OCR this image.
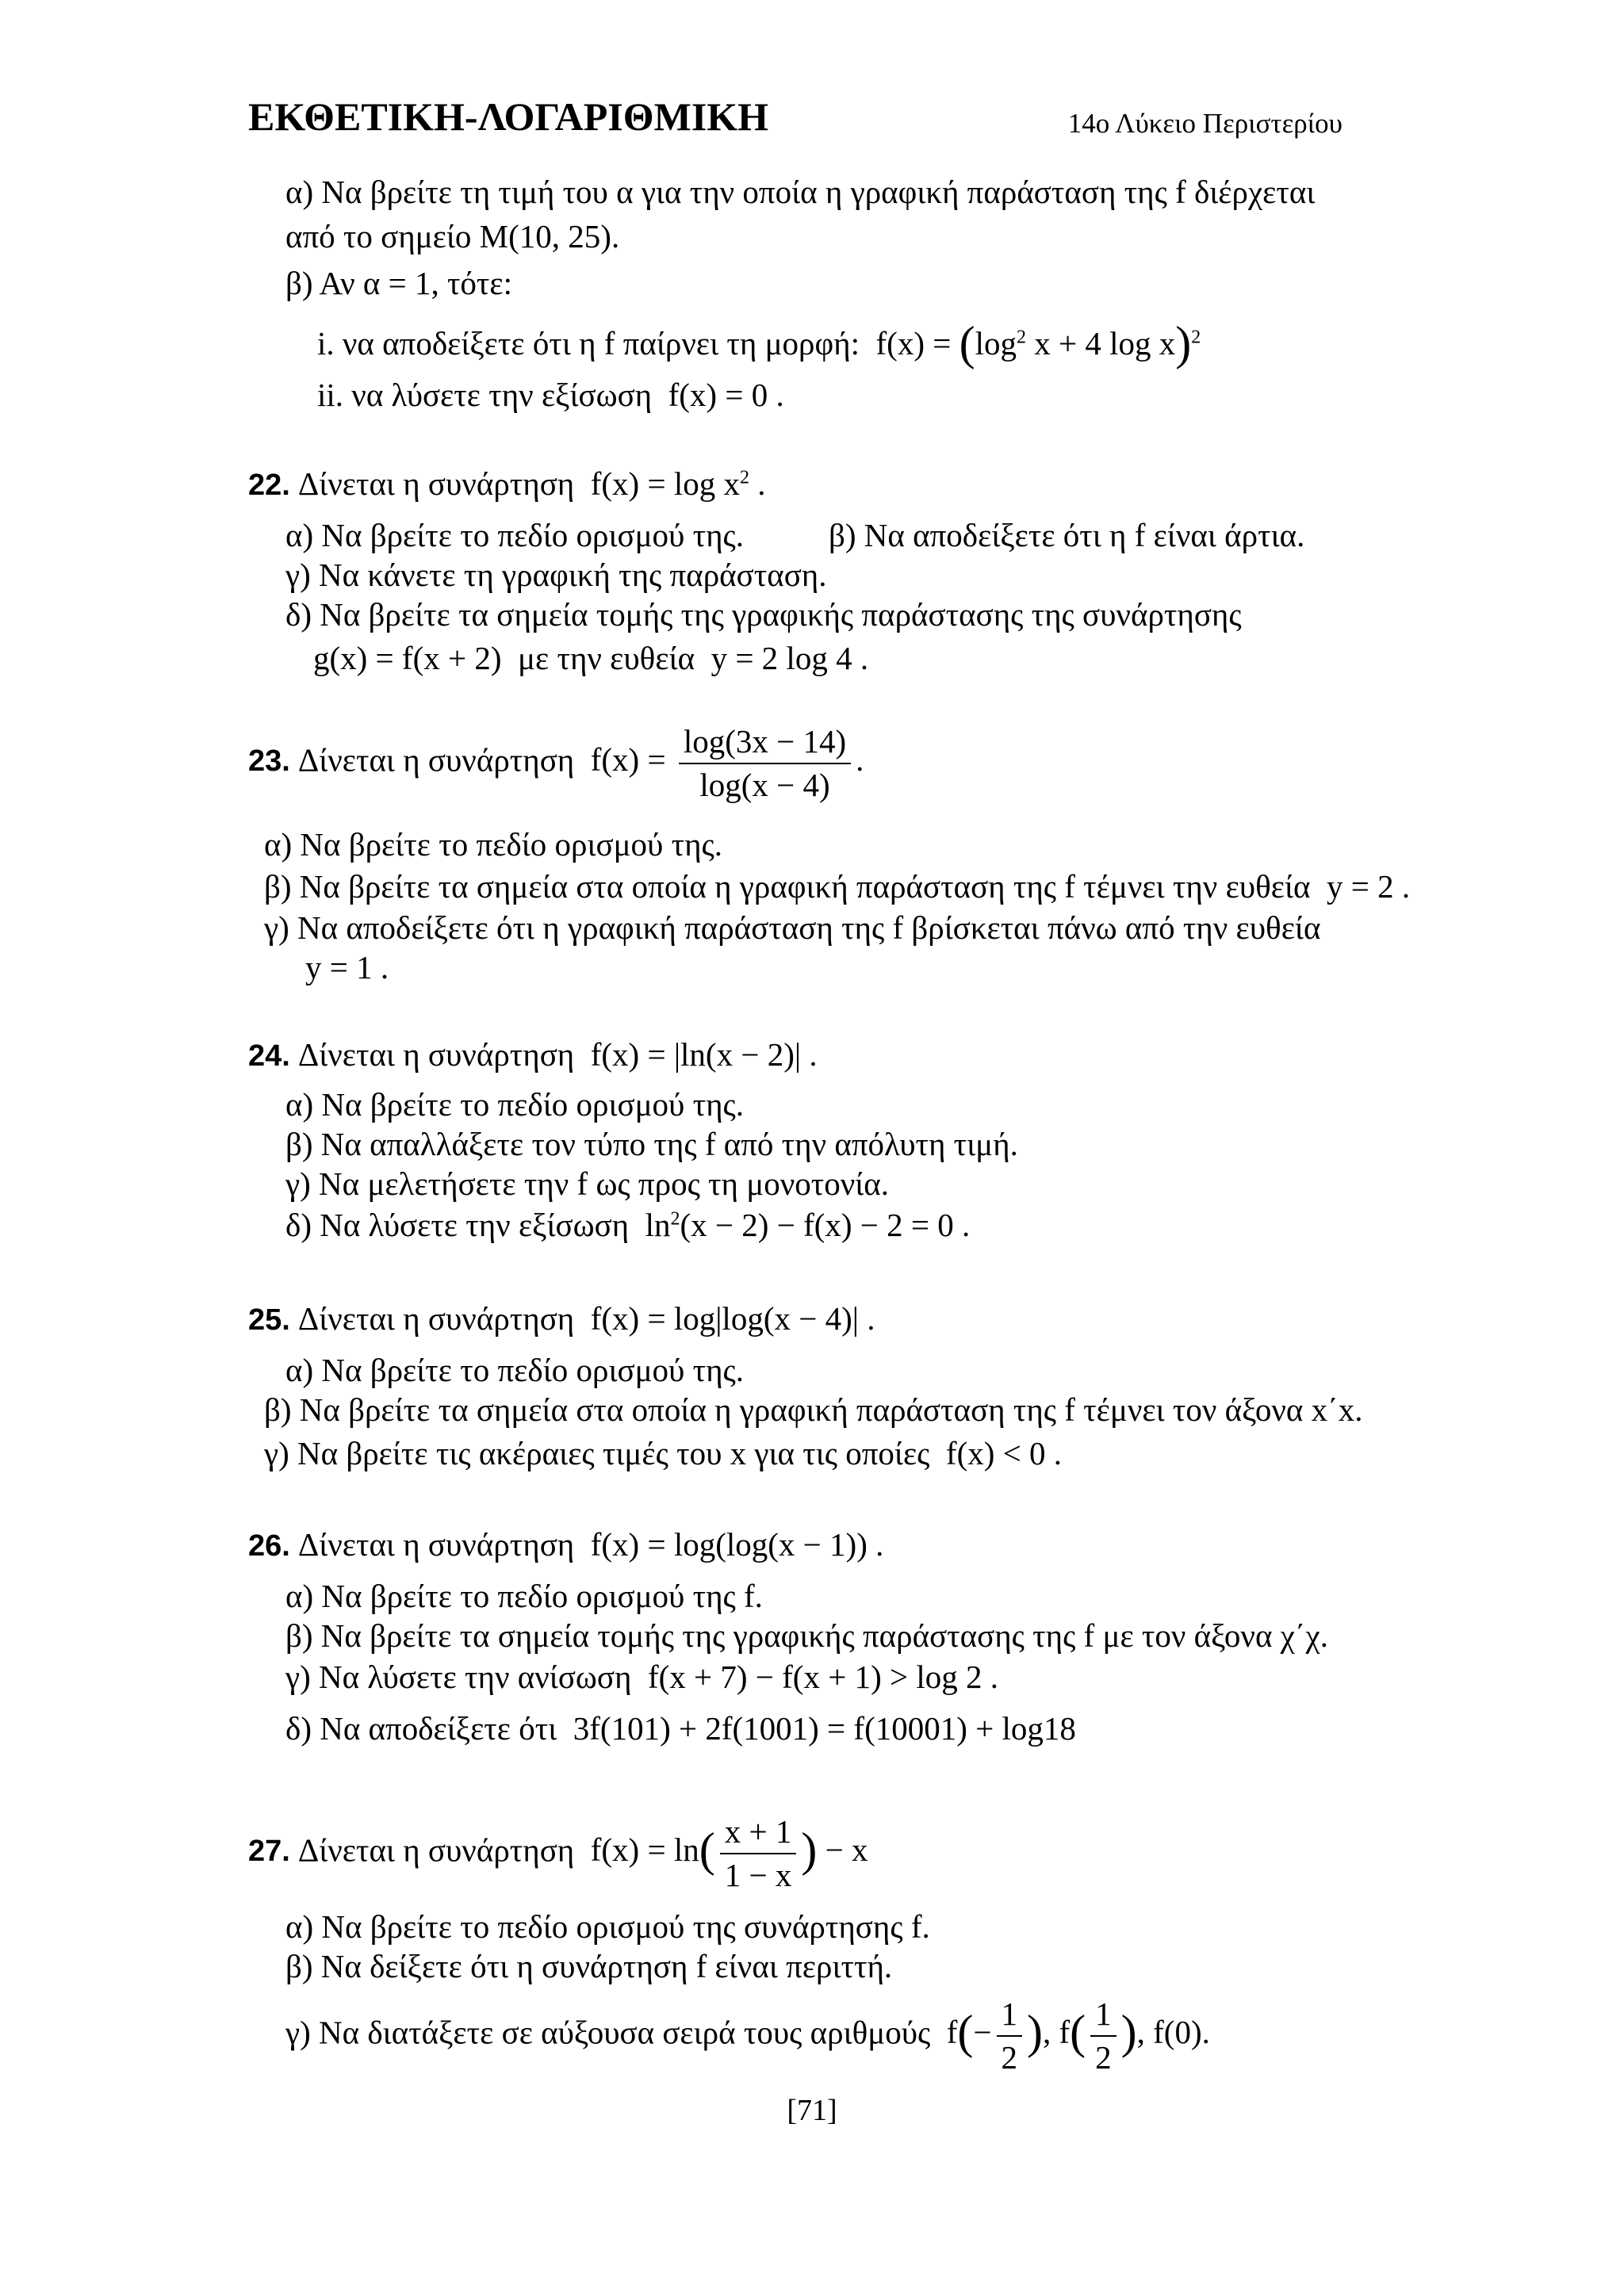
ΕΚΘΕΤΙΚΗ-ΛΟΓΑΡΙΘΜΙΚΗ	14ο Λύκειο Περιστερίου
α) Να βρείτε τη τιμή του α για την οποία η γραφική παράσταση της f διέρχεται
από το σημείο M(10, 25).
β) Αν α = 1, τότε:
i. να αποδείξετε ότι η f παίρνει τη μορφή: $f(x) = (\log^2$ x + 4 log x)$^2$
ii. να λύσετε την εξίσωση f(x) = 0 .
22. Δίνεται η συνάρτηση $f(x) = \log x^2$ .
α) Να βρείτε το πεδίο ορισμού της.	β) Να αποδείξετε ότι η f είναι άρτια.
γ) Να κάνετε τη γραφική της παράσταση.
δ) Να βρείτε τα σημεία τομής της γραφικής παράστασης της συνάρτησης
g(x) = f(x + 2) με την ευθεία y = 2 log 4 .
23. Δίνεται η συνάρτηση $f(x) = \frac{\log(3x - 14)}{\log(x - 4)}$ .
α) Να βρείτε το πεδίο ορισμού της.
β) Να βρείτε τα σημεία στα οποία η γραφική παράσταση της f τέμνει την ευθεία y = 2 .
γ) Να αποδείξετε ότι η γραφική παράσταση της f βρίσκεται πάνω από την ευθεία
y = 1 .
24. Δίνεται η συνάρτηση f(x) = |ln(x − 2)| .
α) Να βρείτε το πεδίο ορισμού της.
β) Να απαλλάξετε τον τύπο της f από την απόλυτη τιμή.
γ) Να μελετήσετε την f ως προς τη μονοτονία.
δ) Να λύσετε την εξίσωση $\ln^2(x - 2) - f(x) - 2 = 0$ .
25. Δίνεται η συνάρτηση f(x) = log|log(x − 4)| .
α) Να βρείτε το πεδίο ορισμού της.
β) Να βρείτε τα σημεία στα οποία η γραφική παράσταση της f τέμνει τον άξονα x΄x.
γ) Να βρείτε τις ακέραιες τιμές του x για τις οποίες f(x) < 0 .
26. Δίνεται η συνάρτηση f(x) = log(log(x − 1)) .
α) Να βρείτε το πεδίο ορισμού της f.
β) Να βρείτε τα σημεία τομής της γραφικής παράστασης της f με τον άξονα χ΄χ.
γ) Να λύσετε την ανίσωση f(x + 7) − f(x + 1) > log 2 .
δ) Να αποδείξετε ότι 3f(101) + 2f(1001) = f(10001) + log18
27. Δίνεται η συνάρτηση $f(x) = \ln( \frac{x + 1}{1 - x}$ ) − x
α) Να βρείτε το πεδίο ορισμού της συνάρτησης f.
β) Να δείξετε ότι η συνάρτηση f είναι περιττή.
γ) Να διατάξετε σε αύξουσα σειρά τους αριθμούς $f(- \frac{1}{2}$ ), $f( \frac{1}{2}$ ), f(0).
[71]
